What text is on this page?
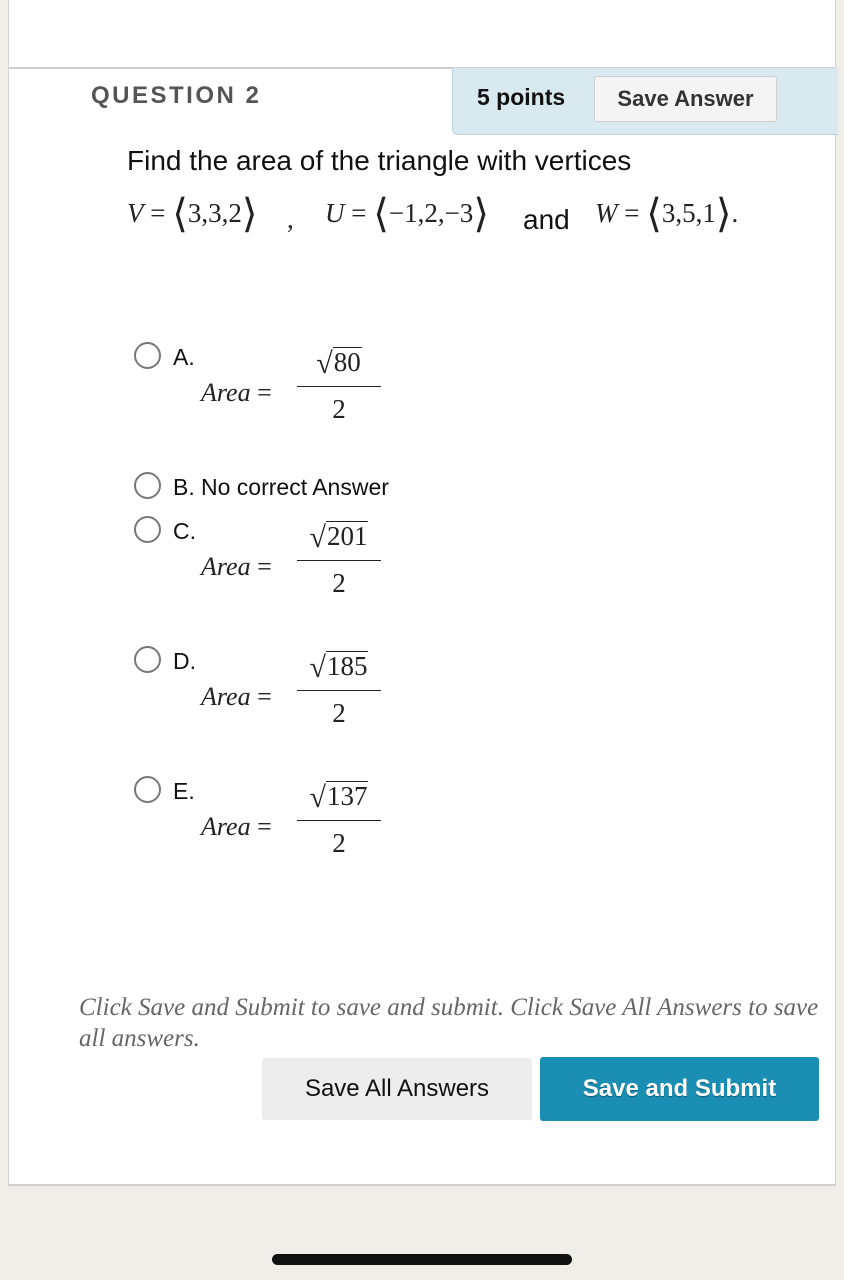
QUESTION 2	5 points	Save Answer
Find the area of the triangle with vertices
V = ⟨3,3,2⟩ , U = ⟨−1,2,−3⟩ and W = ⟨3,5,1⟩.
A.
Area =
√80
2
B. No correct Answer
C.
Area =
√201
2
D.
Area =
√185
2
E.
Area =
√137
2
Click Save and Submit to save and submit. Click Save All Answers to save all answers.
Save All Answers	Save and Submit
